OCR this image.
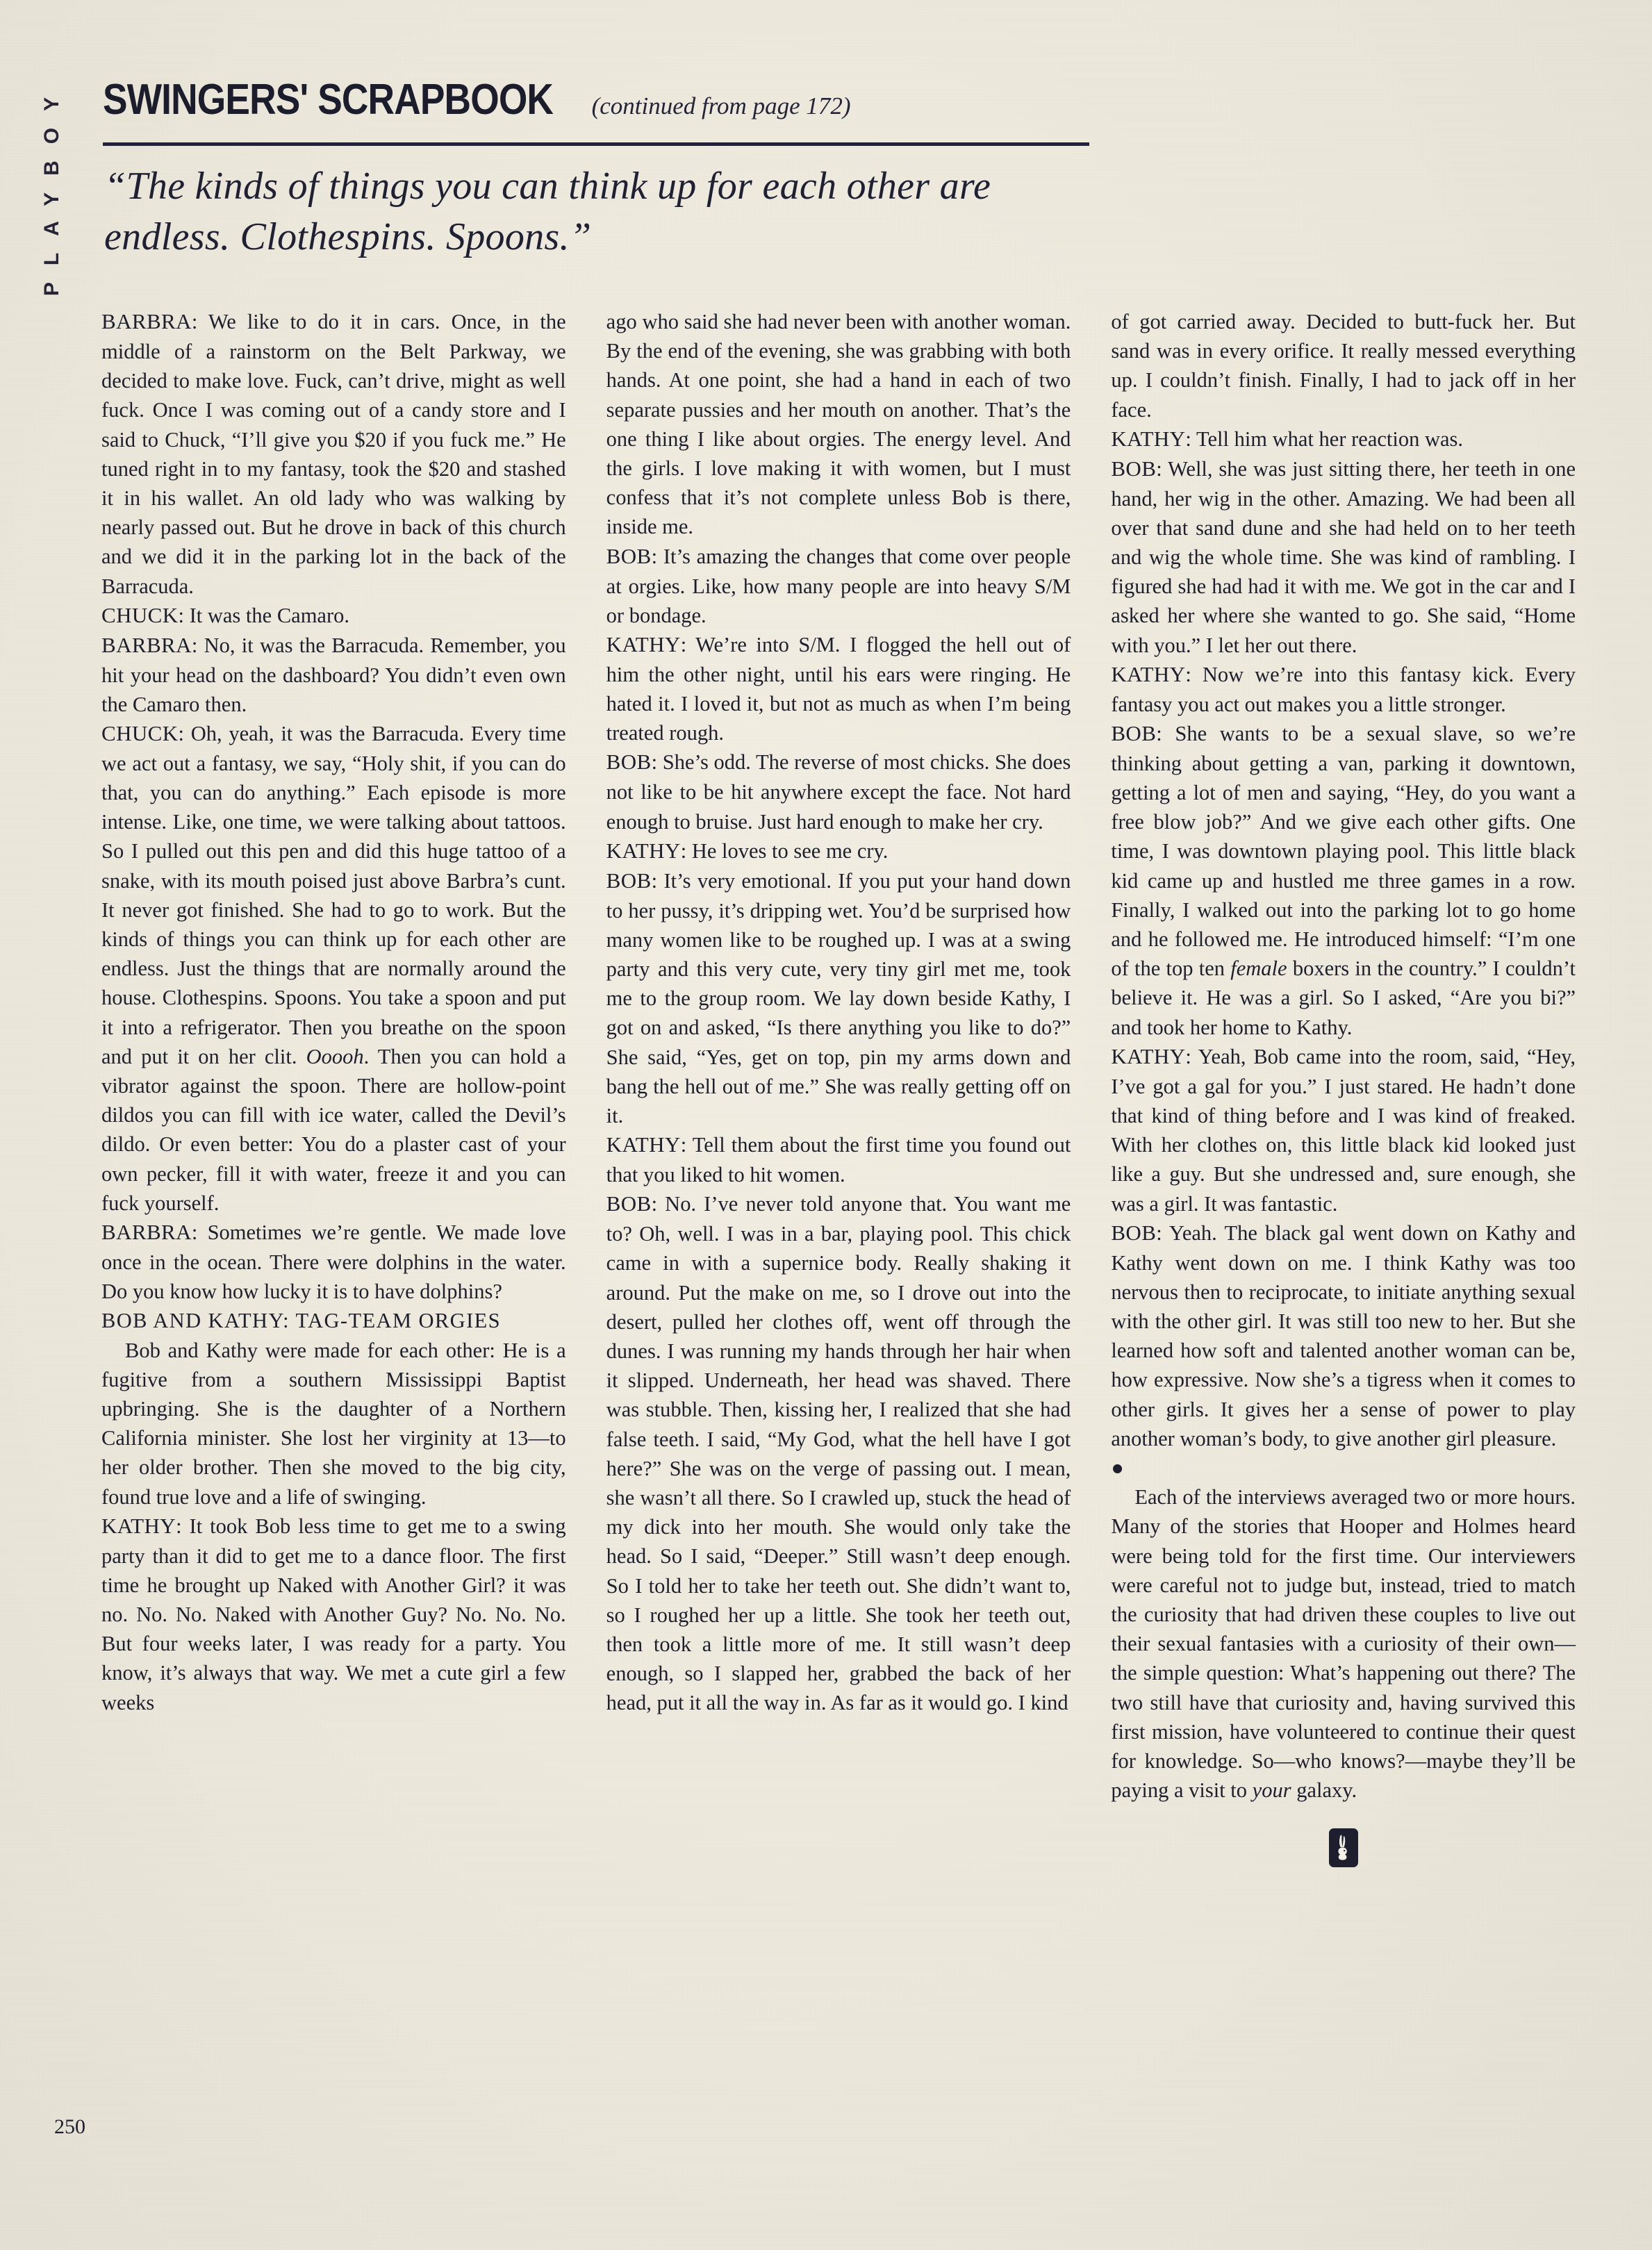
PLAYBOY SWINGERS' SCRAPBOOK (continued from page 172)
“The kinds of things you can think up for each other are endless. Clothespins. Spoons.”

BARBRA: We like to do it in cars. Once, in the middle of a rainstorm on the Belt Parkway, we decided to make love. Fuck, can’t drive, might as well fuck. Once I was coming out of a candy store and I said to Chuck, “I’ll give you $20 if you fuck me.” He tuned right in to my fantasy, took the $20 and stashed it in his wallet. An old lady who was walking by nearly passed out. But he drove in back of this church and we did it in the parking lot in the back of the Barracuda.

CHUCK: It was the Camaro.

BARBRA: No, it was the Barracuda. Remember, you hit your head on the dashboard? You didn’t even own the Camaro then.

CHUCK: Oh, yeah, it was the Barracuda. Every time we act out a fantasy, we say, “Holy shit, if you can do that, you can do anything.” Each episode is more intense. Like, one time, we were talking about tattoos. So I pulled out this pen and did this huge tattoo of a snake, with its mouth poised just above Barbra’s cunt. It never got finished. She had to go to work. But the kinds of things you can think up for each other are endless. Just the things that are normally around the house. Clothespins. Spoons. You take a spoon and put it into a refrigerator. Then you breathe on the spoon and put it on her clit. Ooooh. Then you can hold a vibrator against the spoon. There are hollow-point dildos you can fill with ice water, called the Devil’s dildo. Or even better: You do a plaster cast of your own pecker, fill it with water, freeze it and you can fuck yourself.

BARBRA: Sometimes we’re gentle. We made love once in the ocean. There were dolphins in the water. Do you know how lucky it is to have dolphins?

BOB AND KATHY: TAG-TEAM ORGIES

Bob and Kathy were made for each other: He is a fugitive from a southern Mississippi Baptist upbringing. She is the daughter of a Northern California minister. She lost her virginity at 13—to her older brother. Then she moved to the big city, found true love and a life of swinging.

KATHY: It took Bob less time to get me to a swing party than it did to get me to a dance floor. The first time he brought up Naked with Another Girl? it was no. No. No. Naked with Another Guy? No. No. No. But four weeks later, I was ready for a party. You know, it’s always that way. We met a cute girl a few weeks

ago who said she had never been with another woman. By the end of the evening, she was grabbing with both hands. At one point, she had a hand in each of two separate pussies and her mouth on another. That’s the one thing I like about orgies. The energy level. And the girls. I love making it with women, but I must confess that it’s not complete unless Bob is there, inside me.

BOB: It’s amazing the changes that come over people at orgies. Like, how many people are into heavy S/M or bondage.

KATHY: We’re into S/M. I flogged the hell out of him the other night, until his ears were ringing. He hated it. I loved it, but not as much as when I’m being treated rough.

BOB: She’s odd. The reverse of most chicks. She does not like to be hit anywhere except the face. Not hard enough to bruise. Just hard enough to make her cry.

KATHY: He loves to see me cry.

BOB: It’s very emotional. If you put your hand down to her pussy, it’s dripping wet. You’d be surprised how many women like to be roughed up. I was at a swing party and this very cute, very tiny girl met me, took me to the group room. We lay down beside Kathy, I got on and asked, “Is there anything you like to do?” She said, “Yes, get on top, pin my arms down and bang the hell out of me.” She was really getting off on it.

KATHY: Tell them about the first time you found out that you liked to hit women.

BOB: No. I’ve never told anyone that. You want me to? Oh, well. I was in a bar, playing pool. This chick came in with a supernice body. Really shaking it around. Put the make on me, so I drove out into the desert, pulled her clothes off, went off through the dunes. I was running my hands through her hair when it slipped. Underneath, her head was shaved. There was stubble. Then, kissing her, I realized that she had false teeth. I said, “My God, what the hell have I got here?” She was on the verge of passing out. I mean, she wasn’t all there. So I crawled up, stuck the head of my dick into her mouth. She would only take the head. So I said, “Deeper.” Still wasn’t deep enough. So I told her to take her teeth out. She didn’t want to, so I roughed her up a little. She took her teeth out, then took a little more of me. It still wasn’t deep enough, so I slapped her, grabbed the back of her head, put it all the way in. As far as it would go. I kind

of got carried away. Decided to butt-fuck her. But sand was in every orifice. It really messed everything up. I couldn’t finish. Finally, I had to jack off in her face.

KATHY: Tell him what her reaction was.

BOB: Well, she was just sitting there, her teeth in one hand, her wig in the other. Amazing. We had been all over that sand dune and she had held on to her teeth and wig the whole time. She was kind of rambling. I figured she had had it with me. We got in the car and I asked her where she wanted to go. She said, “Home with you.” I let her out there.

KATHY: Now we’re into this fantasy kick. Every fantasy you act out makes you a little stronger.

BOB: She wants to be a sexual slave, so we’re thinking about getting a van, parking it downtown, getting a lot of men and saying, “Hey, do you want a free blow job?” And we give each other gifts. One time, I was downtown playing pool. This little black kid came up and hustled me three games in a row. Finally, I walked out into the parking lot to go home and he followed me. He introduced himself: “I’m one of the top ten female boxers in the country.” I couldn’t believe it. He was a girl. So I asked, “Are you bi?” and took her home to Kathy.

KATHY: Yeah, Bob came into the room, said, “Hey, I’ve got a gal for you.” I just stared. He hadn’t done that kind of thing before and I was kind of freaked. With her clothes on, this little black kid looked just like a guy. But she undressed and, sure enough, she was a girl. It was fantastic.

BOB: Yeah. The black gal went down on Kathy and Kathy went down on me. I think Kathy was too nervous then to reciprocate, to initiate anything sexual with the other girl. It was still too new to her. But she learned how soft and talented another woman can be, how expressive. Now she’s a tigress when it comes to other girls. It gives her a sense of power to play another woman’s body, to give another girl pleasure.

●

Each of the interviews averaged two or more hours. Many of the stories that Hooper and Holmes heard were being told for the first time. Our interviewers were careful not to judge but, instead, tried to match the curiosity that had driven these couples to live out their sexual fantasies with a curiosity of their own—the simple question: What’s happening out there? The two still have that curiosity and, having survived this first mission, have volunteered to continue their quest for knowledge. So—who knows?—maybe they’ll be paying a visit to your galaxy.

250
